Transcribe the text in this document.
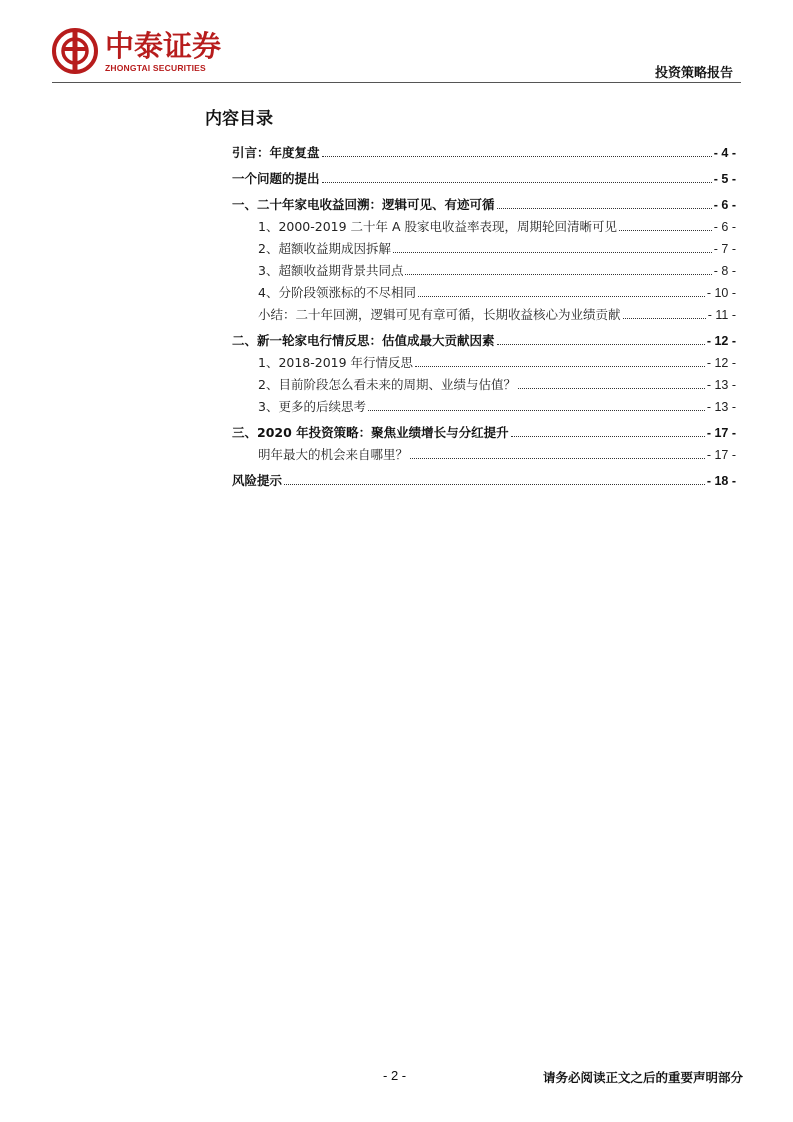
中泰证券
ZHONGTAI SECURITIES	投资策略报告
内容目录
引言：年度复盘	- 4 -
一个问题的提出	- 5 -
一、二十年家电收益回溯：逻辑可见、有迹可循	- 6 -
1、2000-2019 二十年 A 股家电收益率表现，周期轮回清晰可见	- 6 -
2、超额收益期成因拆解	- 7 -
3、超额收益期背景共同点	- 8 -
4、分阶段领涨标的不尽相同	- 10 -
小结：二十年回溯，逻辑可见有章可循，长期收益核心为业绩贡献	- 11 -
二、新一轮家电行情反思：估值成最大贡献因素	- 12 -
1、2018-2019 年行情反思	- 12 -
2、目前阶段怎么看未来的周期、业绩与估值？	- 13 -
3、更多的后续思考	- 13 -
三、2020 年投资策略：聚焦业绩增长与分红提升	- 17 -
明年最大的机会来自哪里？	- 17 -
风险提示	- 18 -
- 2 -	请务必阅读正文之后的重要声明部分
